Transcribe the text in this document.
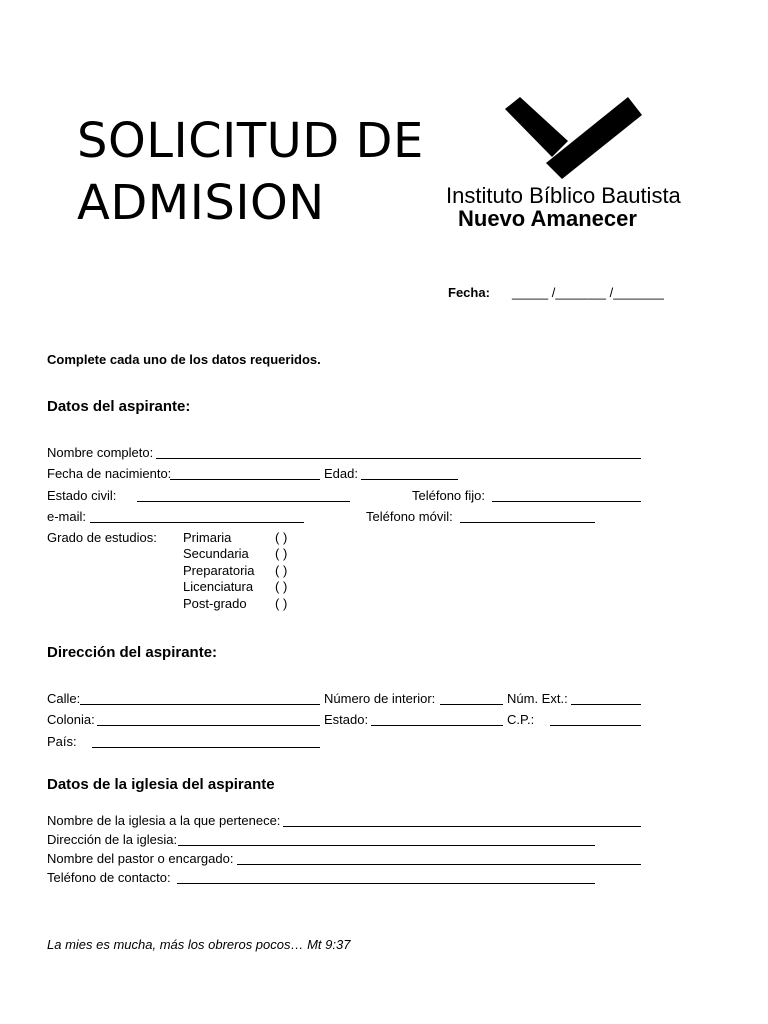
SOLICITUD DE
ADMISION	Instituto Bíblico Bautista
Nuevo Amanecer
Fecha: _____ /_______ /_______
Complete cada uno de los datos requeridos.
Datos del aspirante:
Nombre completo:
Fecha de nacimiento:	Edad:
Estado civil:	Teléfono fijo:
e-mail:	Teléfono móvil:
Grado de estudios: Primaria	( )
Secundaria ( )
Preparatoria ( )
Licenciatura ( )
Post-grado ( )
Dirección del aspirante:
Calle:	Número de interior:	Núm. Ext.:
Colonia:	Estado:	C.P.:
País:
Datos de la iglesia del aspirante
Nombre de la iglesia a la que pertenece:
Dirección de la iglesia:
Nombre del pastor o encargado:
Teléfono de contacto:
La mies es mucha, más los obreros pocos… Mt 9:37
